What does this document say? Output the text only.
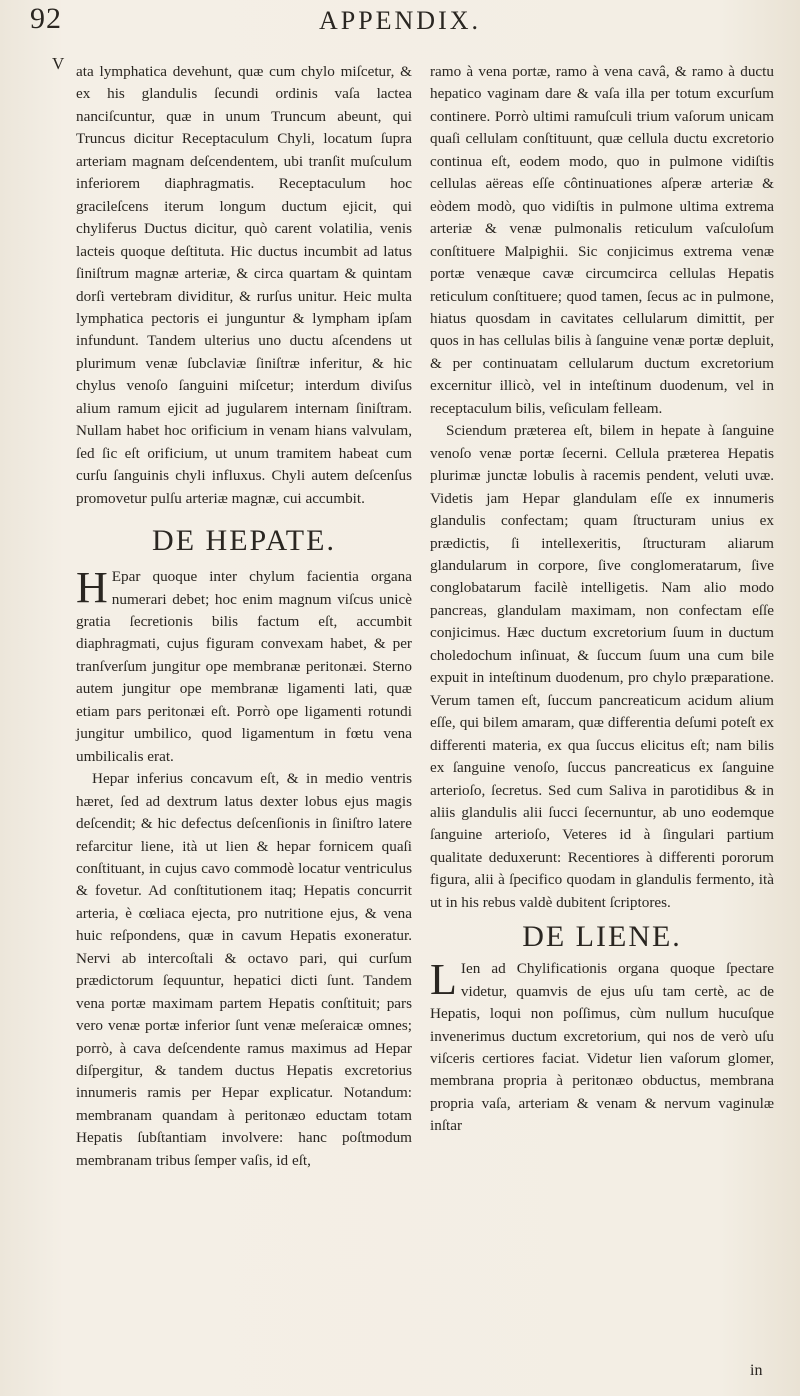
92	APPENDIX.
V ata lymphatica devehunt, quæ cum chylo miſcetur, & ex his glandulis ſecundi ordinis vaſa lactea nanciſcuntur, quæ in unum Truncum abeunt, qui Truncus dicitur Receptaculum Chyli, locatum ſupra arteriam magnam deſcendentem, ubi tranſit muſculum inferiorem diaphragmatis. Receptaculum hoc gracileſcens iterum longum ductum ejicit, qui chyliferus Ductus dicitur, quò carent volatilia, venis lacteis quoque deſtituta. Hic ductus incumbit ad latus ſiniſtrum magnæ arteriæ, & circa quartam & quintam dorſi vertebram dividitur, & rurſus unitur. Heic multa lymphatica pectoris ei junguntur & lympham ipſam infundunt. Tandem ulterius uno ductu aſcendens ut plurimum venæ ſubclaviæ ſiniſtræ inferitur, & hic chylus venoſo ſanguini miſcetur; interdum diviſus alium ramum ejicit ad jugularem internam ſiniſtram. Nullam habet hoc orificium in venam hians valvulam, ſed ſic eſt orificium, ut unum tramitem habeat cum curſu ſanguinis chyli influxus. Chyli autem deſcenſus promovetur pulſu arteriæ magnæ, cui accumbit.

DE HEPATE.

H Epar quoque inter chylum facientia organa numerari debet; hoc enim magnum viſcus unicè gratia ſecretionis bilis factum eſt, accumbit diaphragmati, cujus figuram convexam habet, & per tranſverſum jungitur ope membranæ peritonæi. Sterno autem jungitur ope membranæ ligamenti lati, quæ etiam pars peritonæi eſt. Porrò ope ligamenti rotundi jungitur umbilico, quod ligamentum in fœtu vena umbilicalis erat.

Hepar inferius concavum eſt, & in medio ventris hæret, ſed ad dextrum latus dexter lobus ejus magis deſcendit; & hic defectus deſcenſionis in ſiniſtro latere refarcitur liene, ità ut lien & hepar fornicem quaſi conſtituant, in cujus cavo commodè locatur ventriculus & fovetur. Ad conſtitutionem itaq; Hepatis concurrit arteria, è cœliaca ejecta, pro nutritione ejus, & vena huic reſpondens, quæ in cavum Hepatis exoneratur. Nervi ab intercoſtali & octavo pari, qui curſum prædictorum ſequuntur, hepatici dicti ſunt. Tandem vena portæ maximam partem Hepatis conſtituit; pars vero venæ portæ inferior ſunt venæ meſeraicæ omnes; porrò, à cava deſcendente ramus maximus ad Hepar diſpergitur, & tandem ductus Hepatis excretorius innumeris ramis per Hepar explicatur. Notandum: membranam quandam à peritonæo eductam totam Hepatis ſubſtantiam involvere: hanc poſtmodum membranam tribus ſemper vaſis, id eſt,

ramo à vena portæ, ramo à vena cavâ, & ramo à ductu hepatico vaginam dare & vaſa illa per totum excurſum continere. Porrò ultimi ramuſculi trium vaſorum unicam quaſi cellulam conſtituunt, quæ cellula ductu excretorio continua eſt, eodem modo, quo in pulmone vidiſtis cellulas aëreas eſſe côntinuationes aſperæ arteriæ & eòdem modò, quo vidiſtis in pulmone ultima extrema arteriæ & venæ pulmonalis reticulum vaſculoſum conſtituere Malpighii. Sic conjicimus extrema venæ portæ venæque cavæ circumcirca cellulas Hepatis reticulum conſtituere; quod tamen, ſecus ac in pulmone, hiatus quosdam in cavitates cellularum dimittit, per quos in has cellulas bilis à ſanguine venæ portæ depluit, & per continuatam cellularum ductum excretorium excernitur illicò, vel in inteſtinum duodenum, vel in receptaculum bilis, veſiculam felleam.

Sciendum præterea eſt, bilem in hepate à ſanguine venoſo venæ portæ ſecerni. Cellula præterea Hepatis plurimæ junctæ lobulis à racemis pendent, veluti uvæ. Videtis jam Hepar glandulam eſſe ex innumeris glandulis confectam; quam ſtructuram unius ex prædictis, ſi intellexeritis, ſtructuram aliarum glandularum in corpore, ſive conglomeratarum, ſive conglobatarum facilè intelligetis. Nam alio modo pancreas, glandulam maximam, non confectam eſſe conjicimus. Hæc ductum excretorium ſuum in ductum choledochum inſinuat, & ſuccum ſuum una cum bile expuit in inteſtinum duodenum, pro chylo præparatione. Verum tamen eſt, ſuccum pancreaticum acidum alium eſſe, qui bilem amaram, quæ differentia deſumi poteſt ex differenti materia, ex qua ſuccus elicitus eſt; nam bilis ex ſanguine venoſo, ſuccus pancreaticus ex ſanguine arterioſo, ſecretus. Sed cum Saliva in parotidibus & in aliis glandulis alii ſucci ſecernuntur, ab uno eodemque ſanguine arterioſo, Veteres id à ſingulari partium qualitate deduxerunt: Recentiores à differenti pororum figura, alii à ſpecifico quodam in glandulis fermento, ità ut in his rebus valdè dubitent ſcriptores.

DE LIENE.

L Ien ad Chylificationis organa quoque ſpectare videtur, quamvis de ejus uſu tam certè, ac de Hepatis, loqui non poſſimus, cùm nullum hucuſque invenerimus ductum excretorium, qui nos de verò uſu viſceris certiores faciat. Videtur lien vaſorum glomer, membrana propria à peritonæo obductus, membrana propria vaſa, arteriam & venam & nervum vaginulæ inſtar

in
